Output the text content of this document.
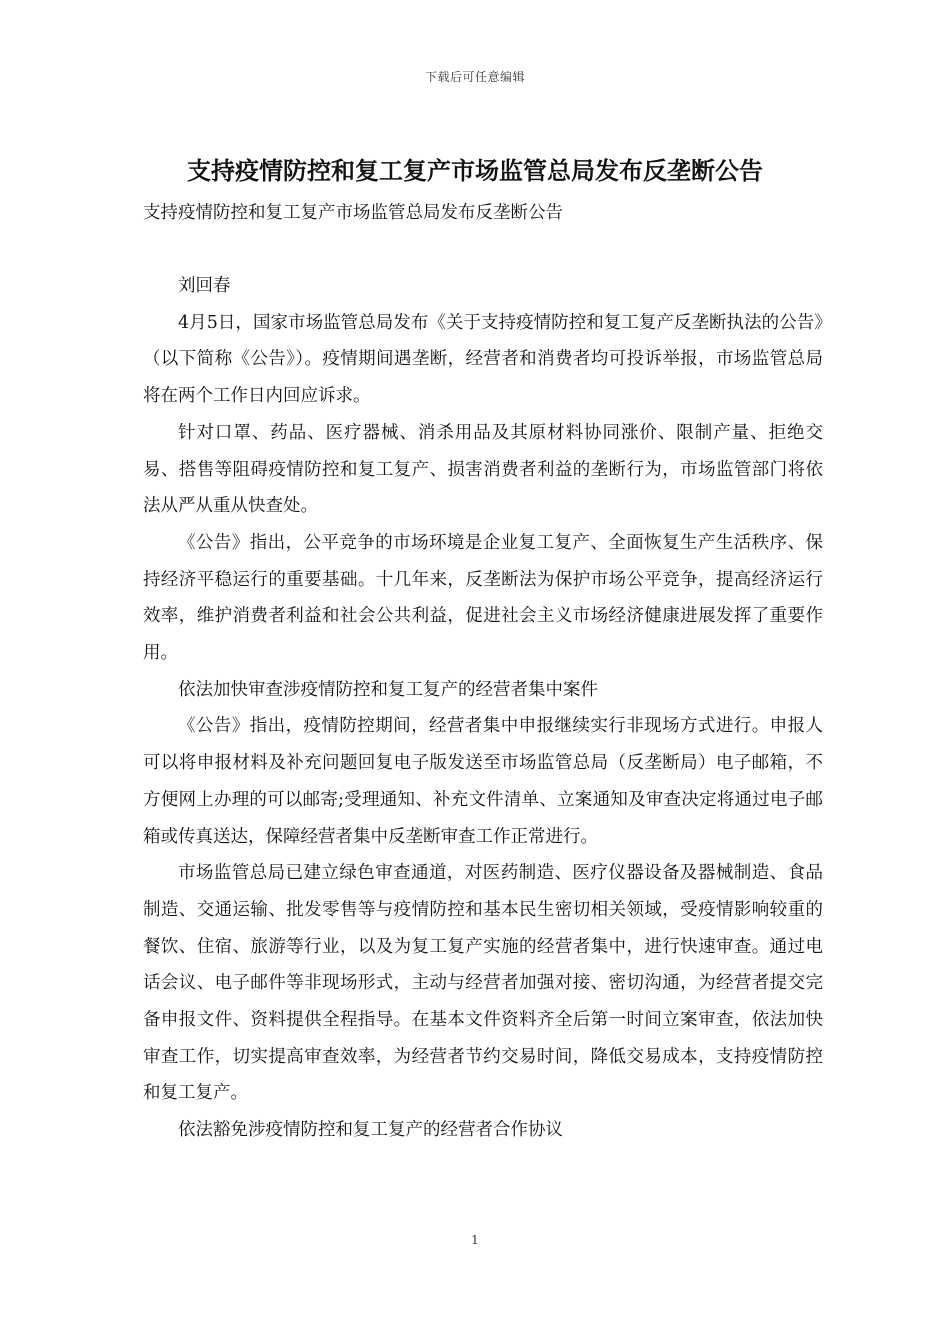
下载后可任意编辑
支持疫情防控和复工复产市场监管总局发布反垄断公告
支持疫情防控和复工复产市场监管总局发布反垄断公告

刘回春

4月5日，国家市场监管总局发布《关于支持疫情防控和复工复产反垄断执法的公告》（以下简称《公告》）。疫情期间遇垄断，经营者和消费者均可投诉举报，市场监管总局将在两个工作日内回应诉求。

针对口罩、药品、医疗器械、消杀用品及其原材料协同涨价、限制产量、拒绝交易、搭售等阻碍疫情防控和复工复产、损害消费者利益的垄断行为，市场监管部门将依法从严从重从快查处。

《公告》指出，公平竞争的市场环境是企业复工复产、全面恢复生产生活秩序、保持经济平稳运行的重要基础。十几年来，反垄断法为保护市场公平竞争，提高经济运行效率，维护消费者利益和社会公共利益，促进社会主义市场经济健康进展发挥了重要作用。

依法加快审查涉疫情防控和复工复产的经营者集中案件

《公告》指出，疫情防控期间，经营者集中申报继续实行非现场方式进行。申报人可以将申报材料及补充问题回复电子版发送至市场监管总局（反垄断局）电子邮箱，不方便网上办理的可以邮寄;受理通知、补充文件清单、立案通知及审查决定将通过电子邮箱或传真送达，保障经营者集中反垄断审查工作正常进行。

市场监管总局已建立绿色审查通道，对医药制造、医疗仪器设备及器械制造、食品制造、交通运输、批发零售等与疫情防控和基本民生密切相关领域，受疫情影响较重的餐饮、住宿、旅游等行业，以及为复工复产实施的经营者集中，进行快速审查。通过电话会议、电子邮件等非现场形式，主动与经营者加强对接、密切沟通，为经营者提交完备申报文件、资料提供全程指导。在基本文件资料齐全后第一时间立案审查，依法加快审查工作，切实提高审查效率，为经营者节约交易时间，降低交易成本，支持疫情防控和复工复产。

依法豁免涉疫情防控和复工复产的经营者合作协议

1
